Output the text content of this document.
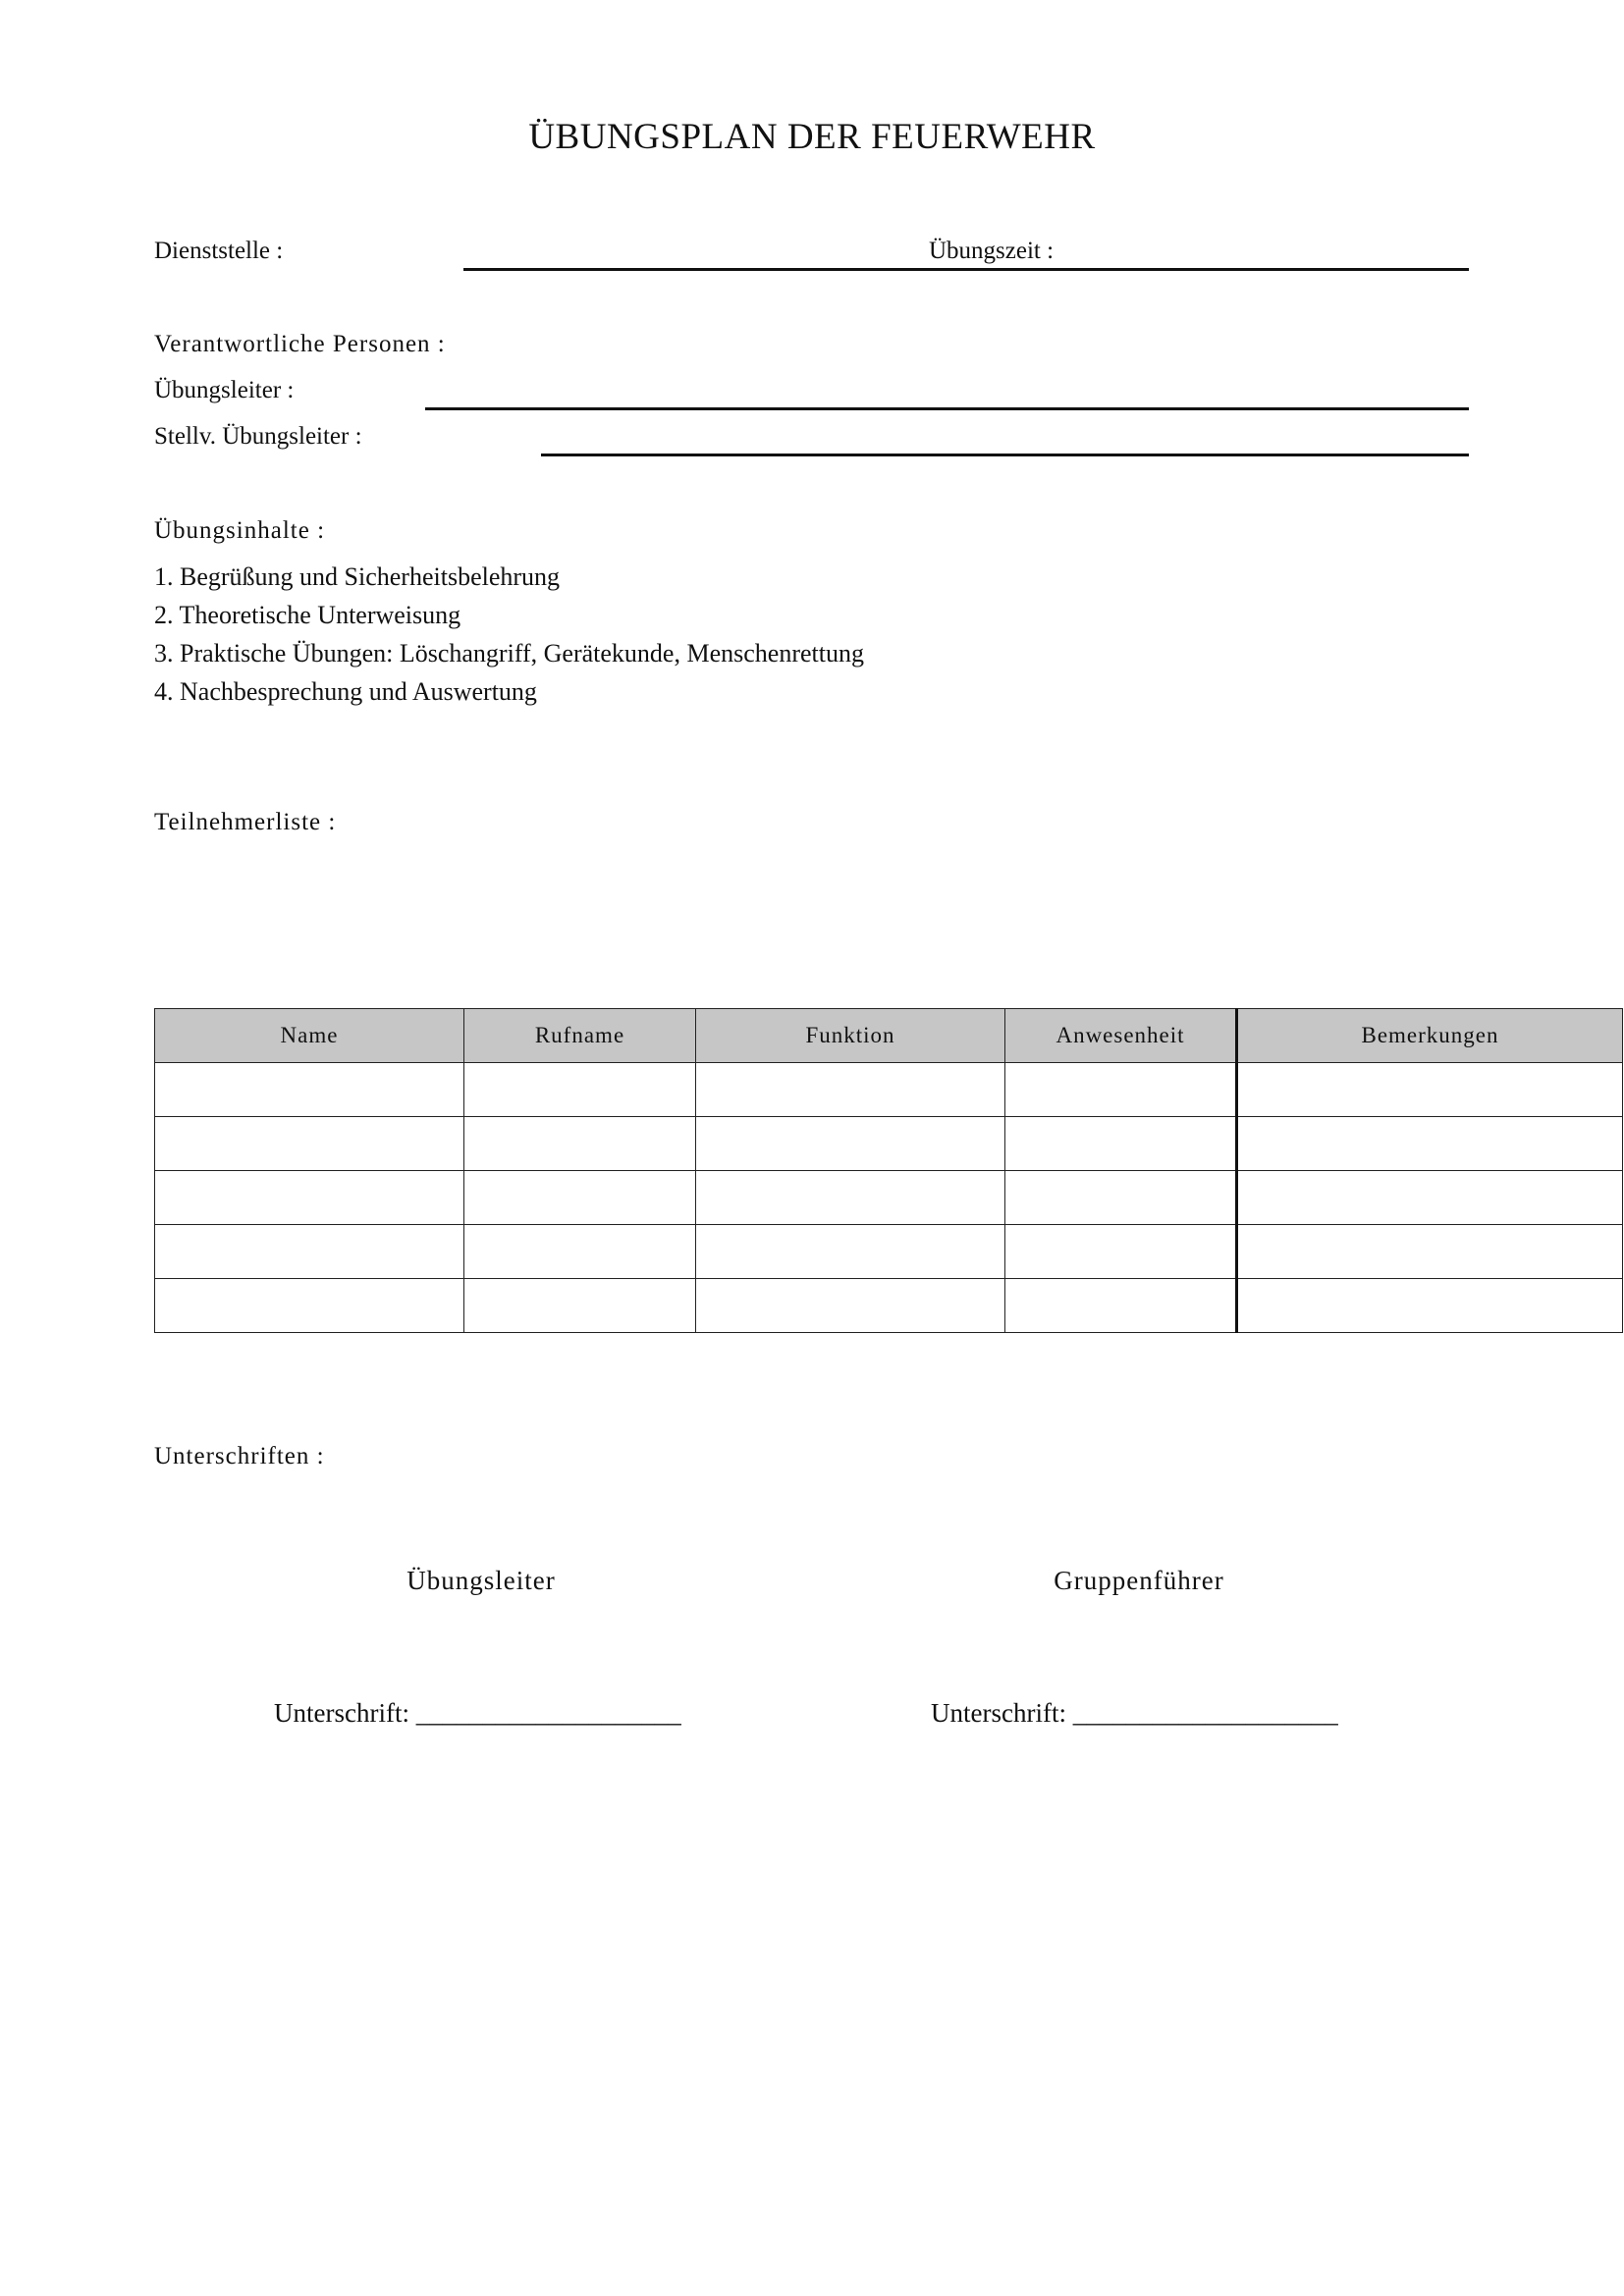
ÜBUNGSPLAN DER FEUERWEHR
Dienststelle :	Übungszeit :
Verantwortliche Personen :
Übungsleiter :
Stellv. Übungsleiter :
Übungsinhalte :
1. Begrüßung und Sicherheitsbelehrung
2. Theoretische Unterweisung
3. Praktische Übungen: Löschangriff, Gerätekunde, Menschenrettung
4. Nachbesprechung und Auswertung
Teilnehmerliste :
Name	Rufname	Funktion	Anwesenheit	Bemerkungen

Unterschriften :
Übungsleiter	Gruppenführer
Unterschrift: ____________________	Unterschrift: ____________________
